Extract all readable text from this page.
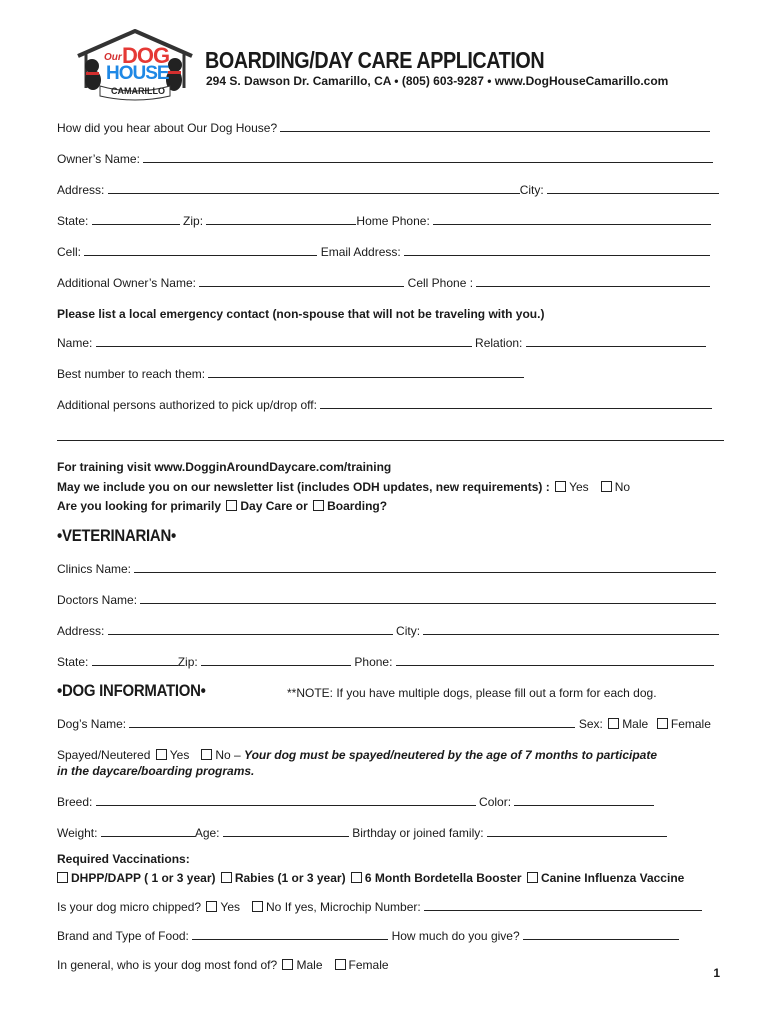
Our DOG
HOUSE
CAMARILLO
BOARDING/DAY CARE APPLICATION
294 S. Dawson Dr. Camarillo, CA • (805) 603-9287 • www.DogHouseCamarillo.com
How did you hear about Our Dog House?
Owner’s Name:
Address:	City:
State:	Zip:	Home Phone:
Cell:	Email Address:
Additional Owner’s Name:	Cell Phone :
Please list a local emergency contact (non-spouse that will not be traveling with you.)
Name:	Relation:
Best number to reach them:
Additional persons authorized to pick up/drop off:
For training visit www.DogginAroundDaycare.com/training
May we include you on our newsletter list (includes ODH updates, new requirements) : Yes No
Are you looking for primarily Day Care or Boarding?
•VETERINARIAN•
Clinics Name:
Doctors Name:
Address:	City:
State:	Zip:	Phone:
•DOG INFORMATION•	**NOTE: If you have multiple dogs, please fill out a form for each dog.
Dog’s Name:	Sex: Male Female
Spayed/Neutered Yes No – Your dog must be spayed/neutered by the age of 7 months to participate
in the daycare/boarding programs.
Breed:	Color:
Weight:	Age:	Birthday or joined family:
Required Vaccinations:
DHPP/DAPP ( 1 or 3 year) Rabies (1 or 3 year) 6 Month Bordetella Booster Canine Influenza Vaccine
Is your dog micro chipped? Yes No If yes, Microchip Number:
Brand and Type of Food:	How much do you give?
In general, who is your dog most fond of? Male Female
1
